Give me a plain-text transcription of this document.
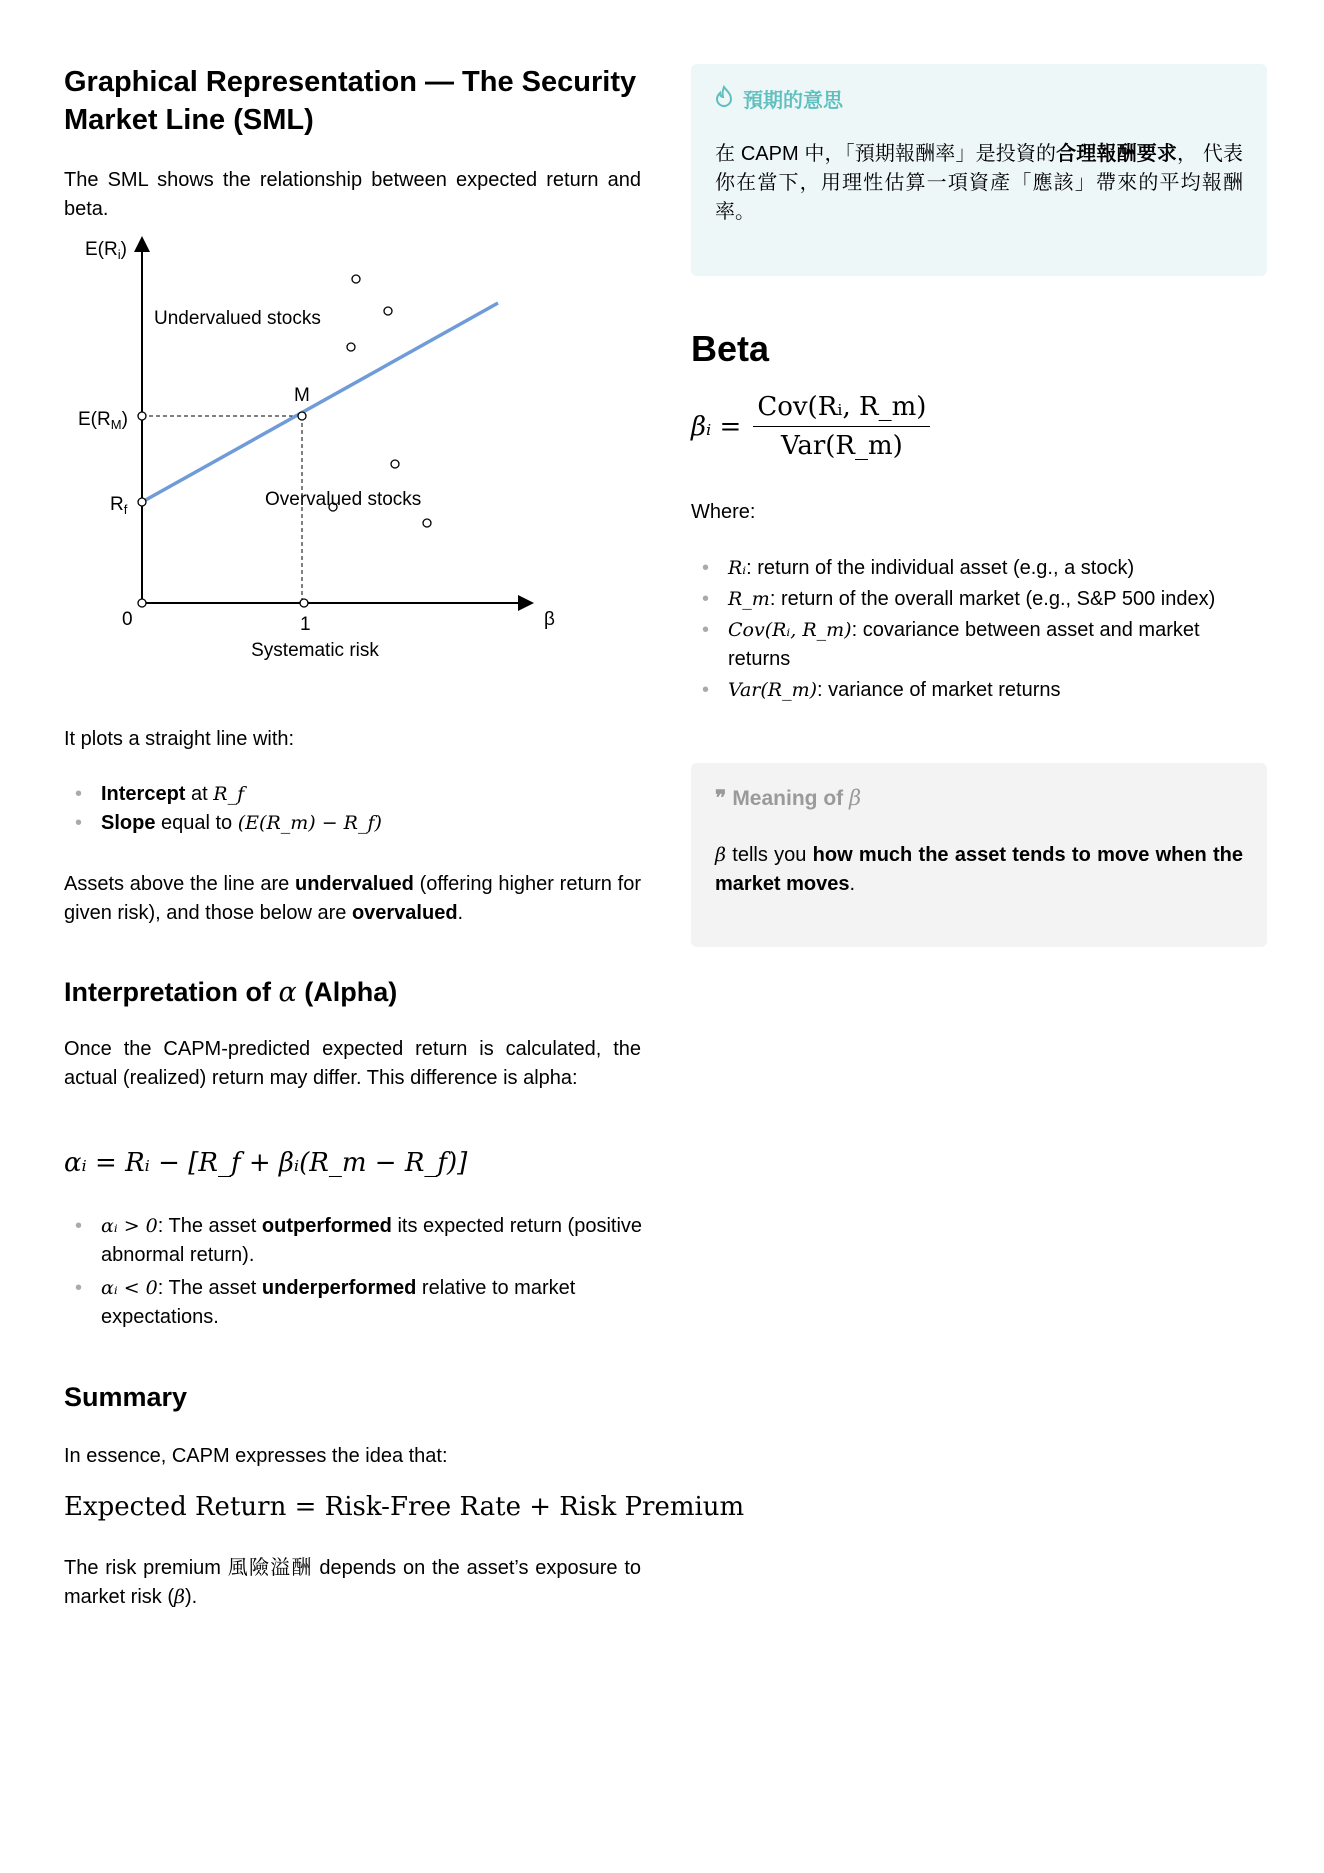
Graphical Representation — The Security Market Line (SML)
The SML shows the relationship between expected return and beta.
$E(R_i)$
$E(R_M)$
$R_f$
M
Undervalued stocks
Overvalued stocks
0	1	β
Systematic risk
It plots a straight line with:
• Intercept at R_f
• Slope equal to (E(R_m) − R_f)
Assets above the line are undervalued (offering higher return for given risk), and those below are overvalued.
Interpretation of α (Alpha)
Once the CAPM-predicted expected return is calculated, the actual (realized) return may differ. This difference is alpha:
αᵢ = Rᵢ − [R_f + βᵢ(R_m − R_f)]
• αᵢ > 0: The asset outperformed its expected return (positive abnormal return).
• αᵢ < 0: The asset underperformed relative to market expectations.
Summary
In essence, CAPM expresses the idea that:
Expected Return = Risk-Free Rate + Risk Premium
The risk premium 風險溢酬 depends on the asset’s exposure to market risk (β).
預期的意思
在 CAPM 中，「預期報酬率」是投資的合理報酬要求， 代表你在當下，用理性估算一項資產「應該」帶來的平均報酬率。
Beta
βᵢ =
Cov(Rᵢ, R_m)
Var(R_m)
Where:
• Rᵢ: return of the individual asset (e.g., a stock)
• R_m: return of the overall market (e.g., S&P 500 index)
• Cov(Rᵢ, R_m): covariance between asset and market returns
• Var(R_m): variance of market returns
❞ Meaning of β
β tells you how much the asset tends to move when the market moves.
